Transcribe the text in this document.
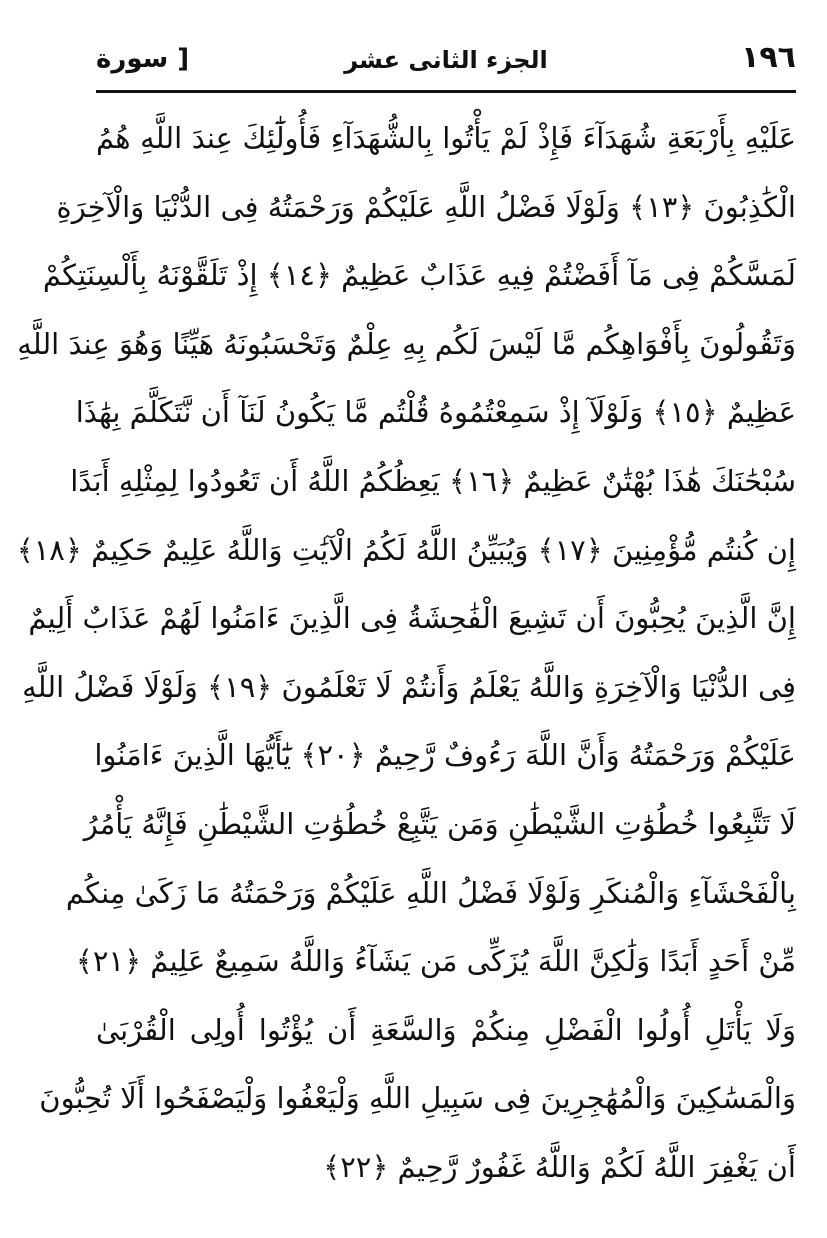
[ سورة	الجزء الثانى عشر	١٩٦
عَلَيْهِ بِأَرْبَعَةِ شُهَدَآءَ فَإِذْ لَمْ يَأْتُوا بِالشُّهَدَآءِ فَأُولَٰٓئِكَ عِندَ اللَّهِ هُمُ
الْكَٰذِبُونَ ﴿١٣﴾ وَلَوْلَا فَضْلُ اللَّهِ عَلَيْكُمْ وَرَحْمَتُهُ فِى الدُّنْيَا وَالْآخِرَةِ
لَمَسَّكُمْ فِى مَآ أَفَضْتُمْ فِيهِ عَذَابٌ عَظِيمٌ ﴿١٤﴾ إِذْ تَلَقَّوْنَهُ بِأَلْسِنَتِكُمْ
وَتَقُولُونَ بِأَفْوَاهِكُم مَّا لَيْسَ لَكُم بِهِ عِلْمٌ وَتَحْسَبُونَهُ هَيِّنًا وَهُوَ عِندَ اللَّهِ
عَظِيمٌ ﴿١٥﴾ وَلَوْلَآ إِذْ سَمِعْتُمُوهُ قُلْتُم مَّا يَكُونُ لَنَآ أَن نَّتَكَلَّمَ بِهَٰذَا
سُبْحَٰنَكَ هَٰذَا بُهْتَٰنٌ عَظِيمٌ ﴿١٦﴾ يَعِظُكُمُ اللَّهُ أَن تَعُودُوا لِمِثْلِهِ أَبَدًا
إِن كُنتُم مُّؤْمِنِينَ ﴿١٧﴾ وَيُبَيِّنُ اللَّهُ لَكُمُ الْآيَٰتِ وَاللَّهُ عَلِيمٌ حَكِيمٌ ﴿١٨﴾
إِنَّ الَّذِينَ يُحِبُّونَ أَن تَشِيعَ الْفَٰحِشَةُ فِى الَّذِينَ ءَامَنُوا لَهُمْ عَذَابٌ أَلِيمٌ
فِى الدُّنْيَا وَالْآخِرَةِ وَاللَّهُ يَعْلَمُ وَأَنتُمْ لَا تَعْلَمُونَ ﴿١٩﴾ وَلَوْلَا فَضْلُ اللَّهِ
عَلَيْكُمْ وَرَحْمَتُهُ وَأَنَّ اللَّهَ رَءُوفٌ رَّحِيمٌ ﴿٢٠﴾ يَٰٓأَيُّهَا الَّذِينَ ءَامَنُوا
لَا تَتَّبِعُوا خُطُوَٰتِ الشَّيْطَٰنِ وَمَن يَتَّبِعْ خُطُوَٰتِ الشَّيْطَٰنِ فَإِنَّهُ يَأْمُرُ
بِالْفَحْشَآءِ وَالْمُنكَرِ وَلَوْلَا فَضْلُ اللَّهِ عَلَيْكُمْ وَرَحْمَتُهُ مَا زَكَىٰ مِنكُم
مِّنْ أَحَدٍ أَبَدًا وَلَٰكِنَّ اللَّهَ يُزَكِّى مَن يَشَآءُ وَاللَّهُ سَمِيعٌ عَلِيمٌ ﴿٢١﴾
وَلَا يَأْتَلِ أُولُوا الْفَضْلِ مِنكُمْ وَالسَّعَةِ أَن يُؤْتُوا أُولِى الْقُرْبَىٰ
وَالْمَسَٰكِينَ وَالْمُهَٰجِرِينَ فِى سَبِيلِ اللَّهِ وَلْيَعْفُوا وَلْيَصْفَحُوا أَلَا تُحِبُّونَ
أَن يَغْفِرَ اللَّهُ لَكُمْ وَاللَّهُ غَفُورٌ رَّحِيمٌ ﴿٢٢﴾
